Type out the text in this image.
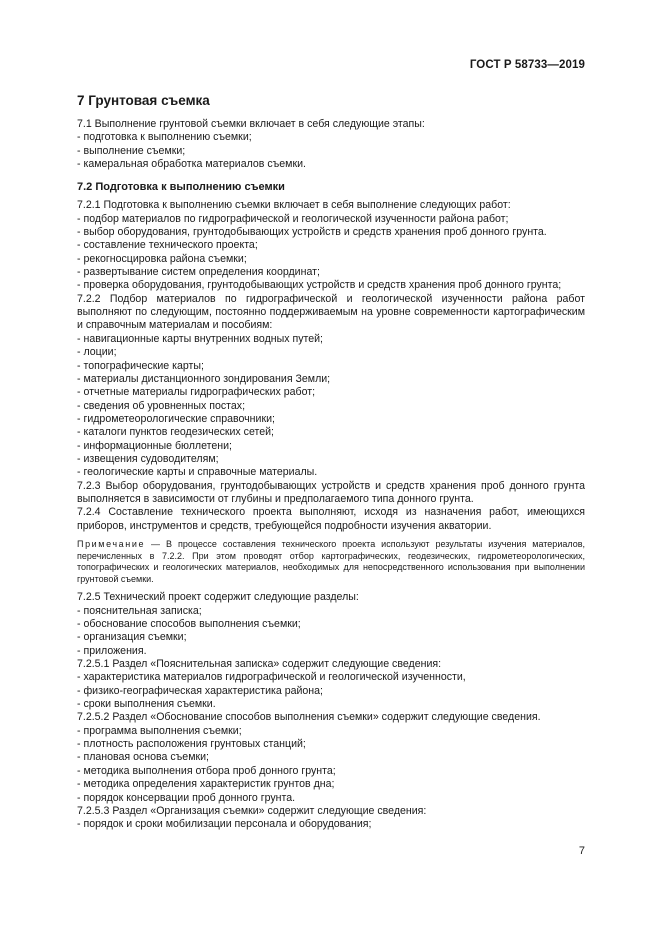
ГОСТ Р 58733—2019
7 Грунтовая съемка

7.1 Выполнение грунтовой съемки включает в себя следующие этапы:

- подготовка к выполнению съемки;

- выполнение съемки;

- камеральная обработка материалов съемки.

7.2 Подготовка к выполнению съемки

7.2.1 Подготовка к выполнению съемки включает в себя выполнение следующих работ:

- подбор материалов по гидрографической и геологической изученности района работ;

- выбор оборудования, грунтодобывающих устройств и средств хранения проб донного грунта.

- составление технического проекта;

- рекогносцировка района съемки;

- развертывание систем определения координат;

- проверка оборудования, грунтодобывающих устройств и средств хранения проб донного грунта;

7.2.2 Подбор материалов по гидрографической и геологической изученности района работ выполняют по следующим, постоянно поддерживаемым на уровне современности картографическим и справочным материалам и пособиям:

- навигационные карты внутренних водных путей;

- лоции;

- топографические карты;

- материалы дистанционного зондирования Земли;

- отчетные материалы гидрографических работ;

- сведения об уровненных постах;

- гидрометеорологические справочники;

- каталоги пунктов геодезических сетей;

- информационные бюллетени;

- извещения судоводителям;

- геологические карты и справочные материалы.

7.2.3 Выбор оборудования, грунтодобывающих устройств и средств хранения проб донного грунта выполняется в зависимости от глубины и предполагаемого типа донного грунта.

7.2.4 Составление технического проекта выполняют, исходя из назначения работ, имеющихся приборов, инструментов и средств, требующейся подробности изучения акватории.

Примечание — В процессе составления технического проекта используют результаты изучения материалов, перечисленных в 7.2.2. При этом проводят отбор картографических, геодезических, гидрометеорологических, топографических и геологических материалов, необходимых для непосредственного использования при выполнении грунтовой съемки.

7.2.5 Технический проект содержит следующие разделы:

- пояснительная записка;

- обоснование способов выполнения съемки;

- организация съемки;

- приложения.

7.2.5.1 Раздел «Пояснительная записка» содержит следующие сведения:

- характеристика материалов гидрографической и геологической изученности,

- физико-географическая характеристика района;

- сроки выполнения съемки.

7.2.5.2 Раздел «Обоснование способов выполнения съемки» содержит следующие сведения.

- программа выполнения съемки;

- плотность расположения грунтовых станций;

- плановая основа съемки;

- методика выполнения отбора проб донного грунта;

- методика определения характеристик грунтов дна;

- порядок консервации проб донного грунта.

7.2.5.3 Раздел «Организация съемки» содержит следующие сведения:

- порядок и сроки мобилизации персонала и оборудования;

7
